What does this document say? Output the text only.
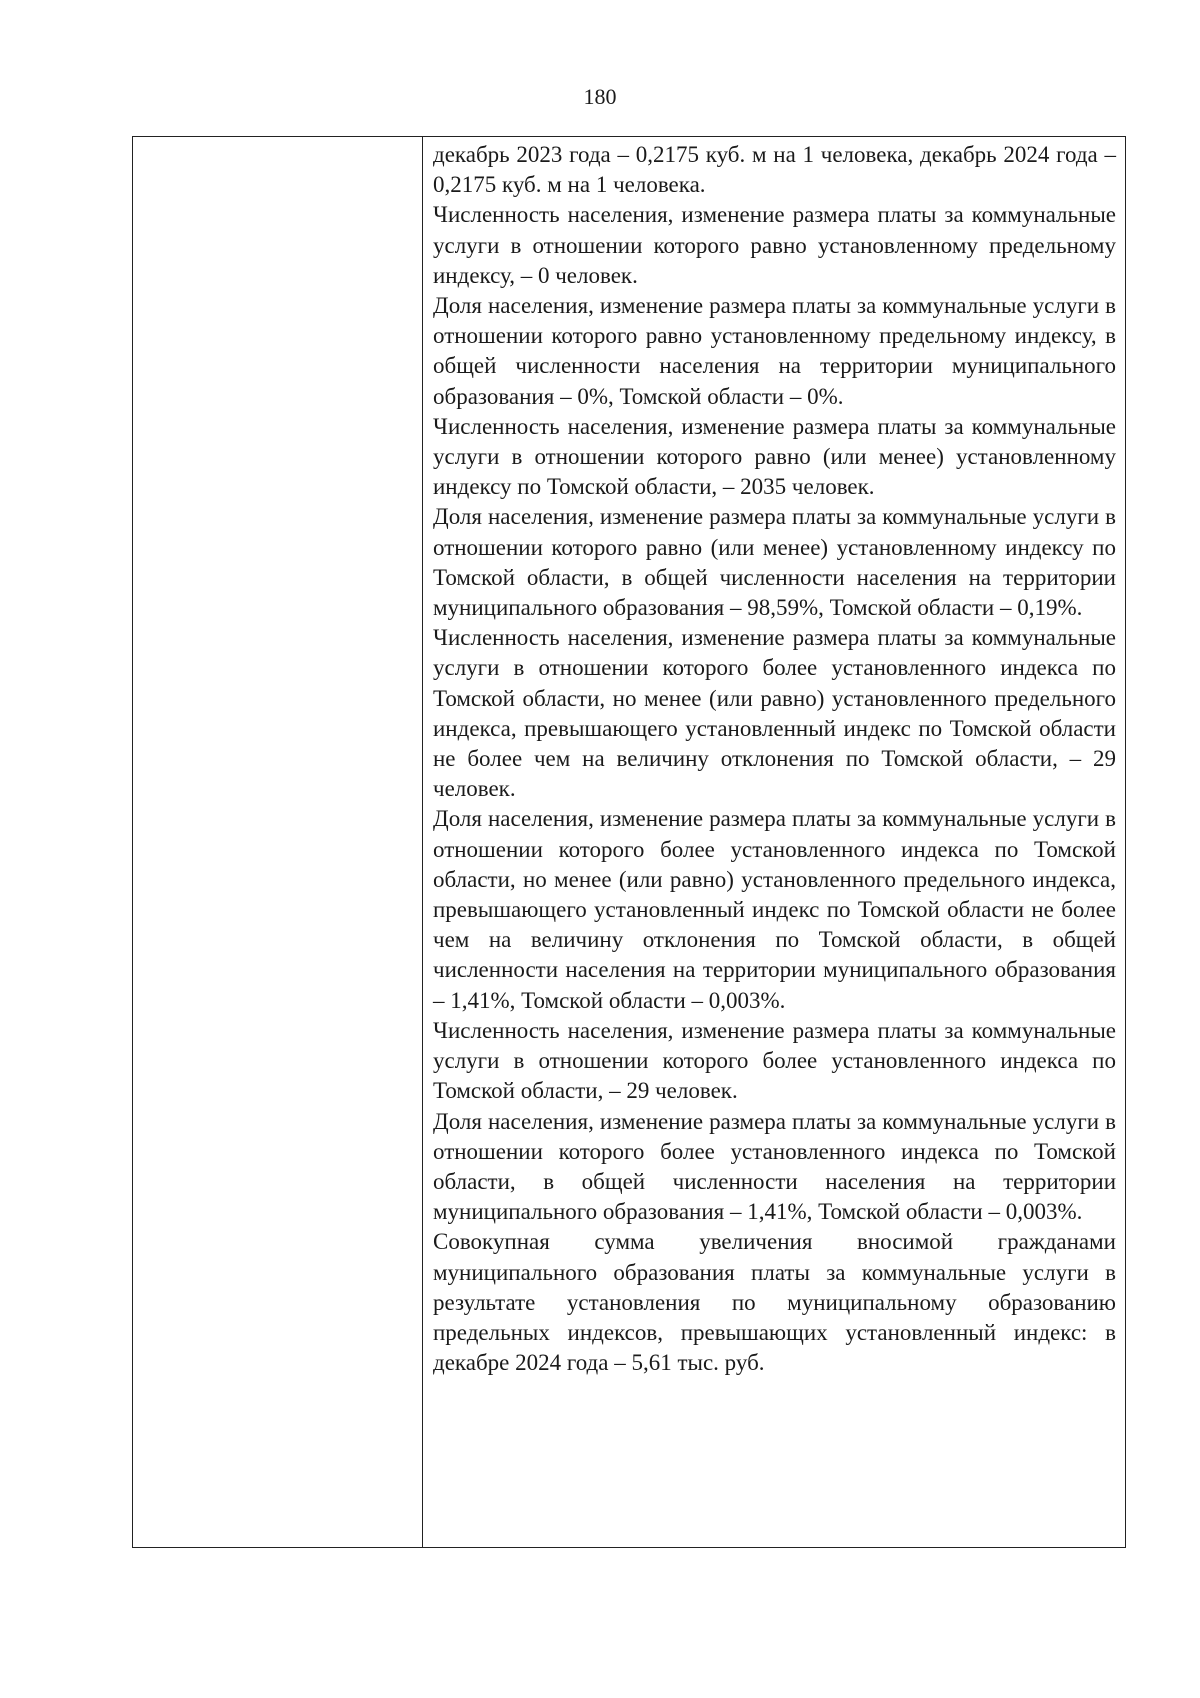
180

декабрь 2023 года – 0,2175 куб. м на 1 человека, декабрь 2024 года – 0,2175 куб. м на 1 человека.

Численность населения, изменение размера платы за коммунальные услуги в отношении которого равно установленному предельному индексу, – 0 человек.

Доля населения, изменение размера платы за коммунальные услуги в отношении которого равно установленному предельному индексу, в общей численности населения на территории муниципального образования – 0%, Томской области – 0%.

Численность населения, изменение размера платы за коммунальные услуги в отношении которого равно (или менее) установленному индексу по Томской области, – 2035 человек.

Доля населения, изменение размера платы за коммунальные услуги в отношении которого равно (или менее) установленному индексу по Томской области, в общей численности населения на территории муниципального образования – 98,59%, Томской области – 0,19%.

Численность населения, изменение размера платы за коммунальные услуги в отношении которого более установленного индекса по Томской области, но менее (или равно) установленного предельного индекса, превышающего установленный индекс по Томской области не более чем на величину отклонения по Томской области, – 29 человек.

Доля населения, изменение размера платы за коммунальные услуги в отношении которого более установленного индекса по Томской области, но менее (или равно) установленного предельного индекса, превышающего установленный индекс по Томской области не более чем на величину отклонения по Томской области, в общей численности населения на территории муниципального образования – 1,41%, Томской области – 0,003%.

Численность населения, изменение размера платы за коммунальные услуги в отношении которого более установленного индекса по Томской области, – 29 человек.

Доля населения, изменение размера платы за коммунальные услуги в отношении которого более установленного индекса по Томской области, в общей численности населения на территории муниципального образования – 1,41%, Томской области – 0,003%.

Совокупная сумма увеличения вносимой гражданами муниципального образования платы за коммунальные услуги в результате установления по муниципальному образованию предельных индексов, превышающих установленный индекс: в декабре 2024 года – 5,61 тыс. руб.
